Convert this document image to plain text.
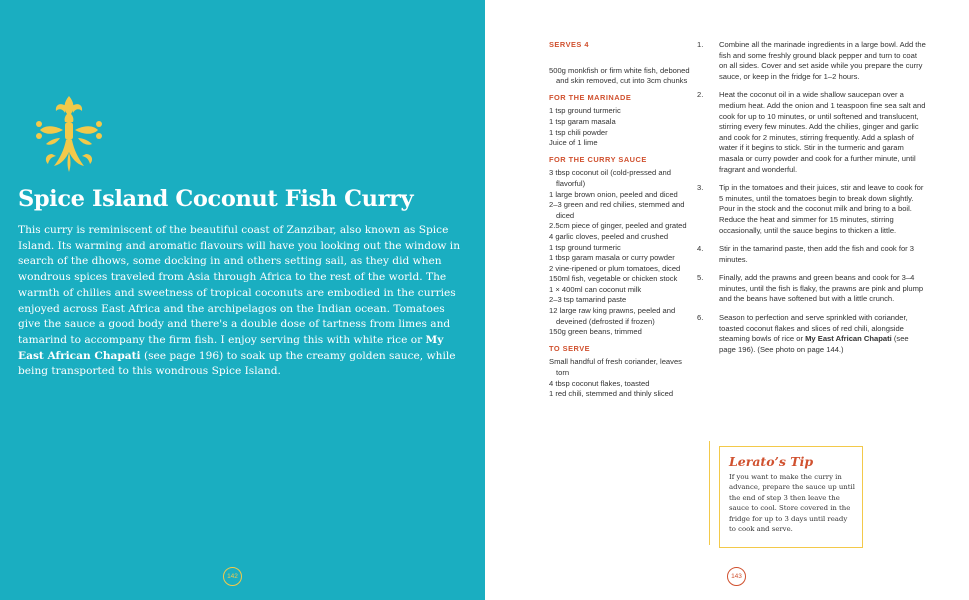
Spice Island Coconut Fish Curry

This curry is reminiscent of the beautiful coast of Zanzibar, also known as Spice Island. Its warming and aromatic flavours will have you looking out the window in search of the dhows, some docking in and others setting sail, as they did when wondrous spices traveled from Asia through Africa to the rest of the world. The warmth of chilies and sweetness of tropical coconuts are embodied in the curries enjoyed across East Africa and the archipelagos on the Indian ocean. Tomatoes give the sauce a good body and there's a double dose of tartness from limes and tamarind to accompany the firm fish. I enjoy serving this with white rice or My East African Chapati (see page 196) to soak up the creamy golden sauce, while being transported to this wondrous Spice Island.

142
SERVES 4
500g monkfish or firm white fish, deboned and skin removed, cut into 3cm chunks
FOR THE MARINADE
1 tsp ground turmeric
1 tsp garam masala
1 tsp chili powder
Juice of 1 lime
FOR THE CURRY SAUCE
3 tbsp coconut oil (cold-pressed and flavorful)
1 large brown onion, peeled and diced
2–3 green and red chilies, stemmed and diced
2.5cm piece of ginger, peeled and grated
4 garlic cloves, peeled and crushed
1 tsp ground turmeric
1 tbsp garam masala or curry powder
2 vine-ripened or plum tomatoes, diced
150ml fish, vegetable or chicken stock
1 × 400ml can coconut milk
2–3 tsp tamarind paste
12 large raw king prawns, peeled and deveined (defrosted if frozen)
150g green beans, trimmed
TO SERVE
Small handful of fresh coriander, leaves torn
4 tbsp coconut flakes, toasted
1 red chili, stemmed and thinly sliced
1. Combine all the marinade ingredients in a large bowl. Add the fish and some freshly ground black pepper and turn to coat on all sides. Cover and set aside while you prepare the curry sauce, or keep in the fridge for 1–2 hours.
2. Heat the coconut oil in a wide shallow saucepan over a medium heat. Add the onion and 1 teaspoon fine sea salt and cook for up to 10 minutes, or until softened and translucent, stirring every few minutes. Add the chilies, ginger and garlic and cook for 2 minutes, stirring frequently. Add a splash of water if it begins to stick. Stir in the turmeric and garam masala or curry powder and cook for a further minute, until fragrant and wonderful.
3. Tip in the tomatoes and their juices, stir and leave to cook for 5 minutes, until the tomatoes begin to break down slightly. Pour in the stock and the coconut milk and bring to a boil. Reduce the heat and simmer for 15 minutes, stirring occasionally, until the sauce begins to thicken a little.
4. Stir in the tamarind paste, then add the fish and cook for 3 minutes.
5. Finally, add the prawns and green beans and cook for 3–4 minutes, until the fish is flaky, the prawns are pink and plump and the beans have softened but with a little crunch.
6. Season to perfection and serve sprinkled with coriander, toasted coconut flakes and slices of red chili, alongside steaming bowls of rice or My East African Chapati (see page 196). (See photo on page 144.)
Lerato’s Tip
If you want to make the curry in advance, prepare the sauce up until the end of step 3 then leave the sauce to cool. Store covered in the fridge for up to 3 days until ready to cook and serve.
143
